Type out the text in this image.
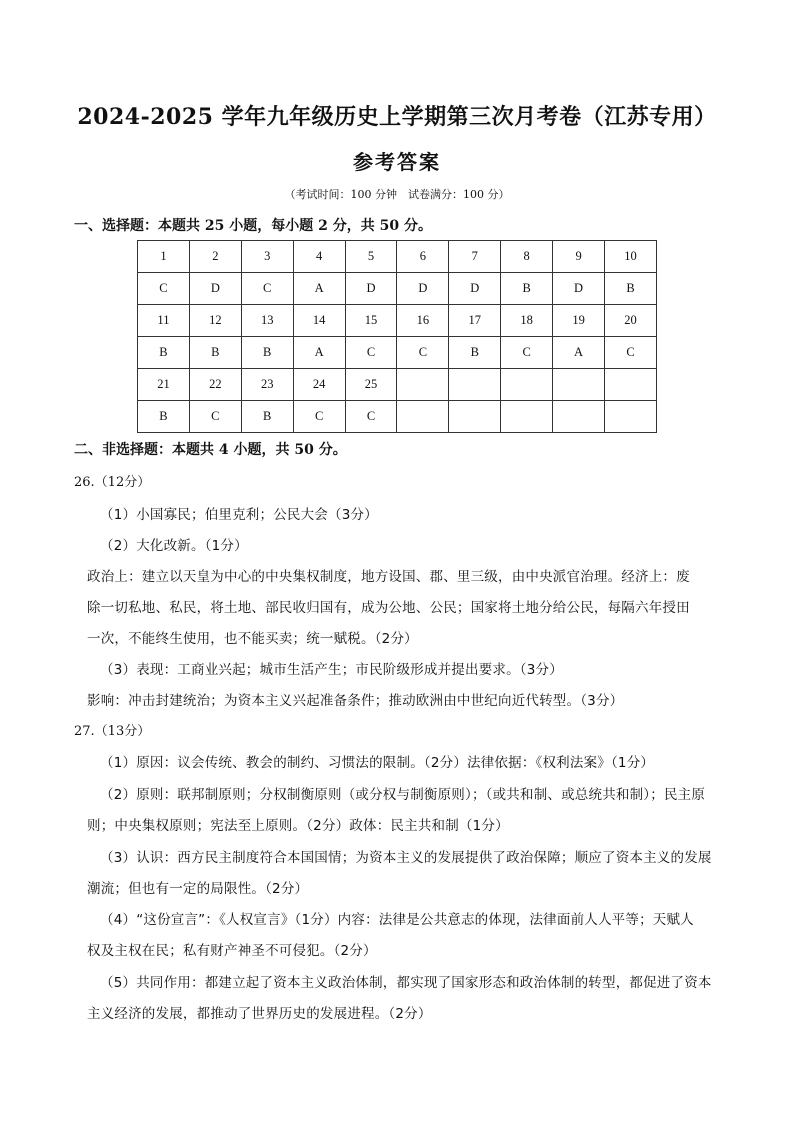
2024-2025 学年九年级历史上学期第三次月考卷（江苏专用）
参考答案
（考试时间：100 分钟　试卷满分：100 分）
一、选择题：本题共 25 小题，每小题 2 分，共 50 分。
1	2	3	4	5	6	7	8	9	10
C	D	C	A	D	D	D	B	D	B
11	12	13	14	15	16	17	18	19	20
B	B	B	A	C	C	B	C	A	C
21	22	23	24	25					
B	C	B	C	C					
二、非选择题：本题共 4 小题，共 50 分。
26.（12分）
（1）小国寡民；伯里克利；公民大会（3分）
（2）大化改新。（1分）
政治上：建立以天皇为中心的中央集权制度，地方设国、郡、里三级，由中央派官治理。经济上：废
除一切私地、私民，将土地、部民收归国有，成为公地、公民；国家将土地分给公民，每隔六年授田
一次，不能终生使用，也不能买卖；统一赋税。（2分）
（3）表现：工商业兴起；城市生活产生；市民阶级形成并提出要求。（3分）
影响：冲击封建统治；为资本主义兴起准备条件；推动欧洲由中世纪向近代转型。（3分）
27.（13分）
（1）原因：议会传统、教会的制约、习惯法的限制。（2分）法律依据：《权利法案》（1分）
（2）原则：联邦制原则；分权制衡原则（或分权与制衡原则）；（或共和制、或总统共和制）；民主原
则；中央集权原则；宪法至上原则。（2分）政体：民主共和制（1分）
（3）认识：西方民主制度符合本国国情；为资本主义的发展提供了政治保障；顺应了资本主义的发展
潮流；但也有一定的局限性。（2分）
（4）“这份宣言”：《人权宣言》（1分）内容：法律是公共意志的体现，法律面前人人平等；天赋人
权及主权在民；私有财产神圣不可侵犯。（2分）
（5）共同作用：都建立起了资本主义政治体制，都实现了国家形态和政治体制的转型，都促进了资本
主义经济的发展，都推动了世界历史的发展进程。（2分）
